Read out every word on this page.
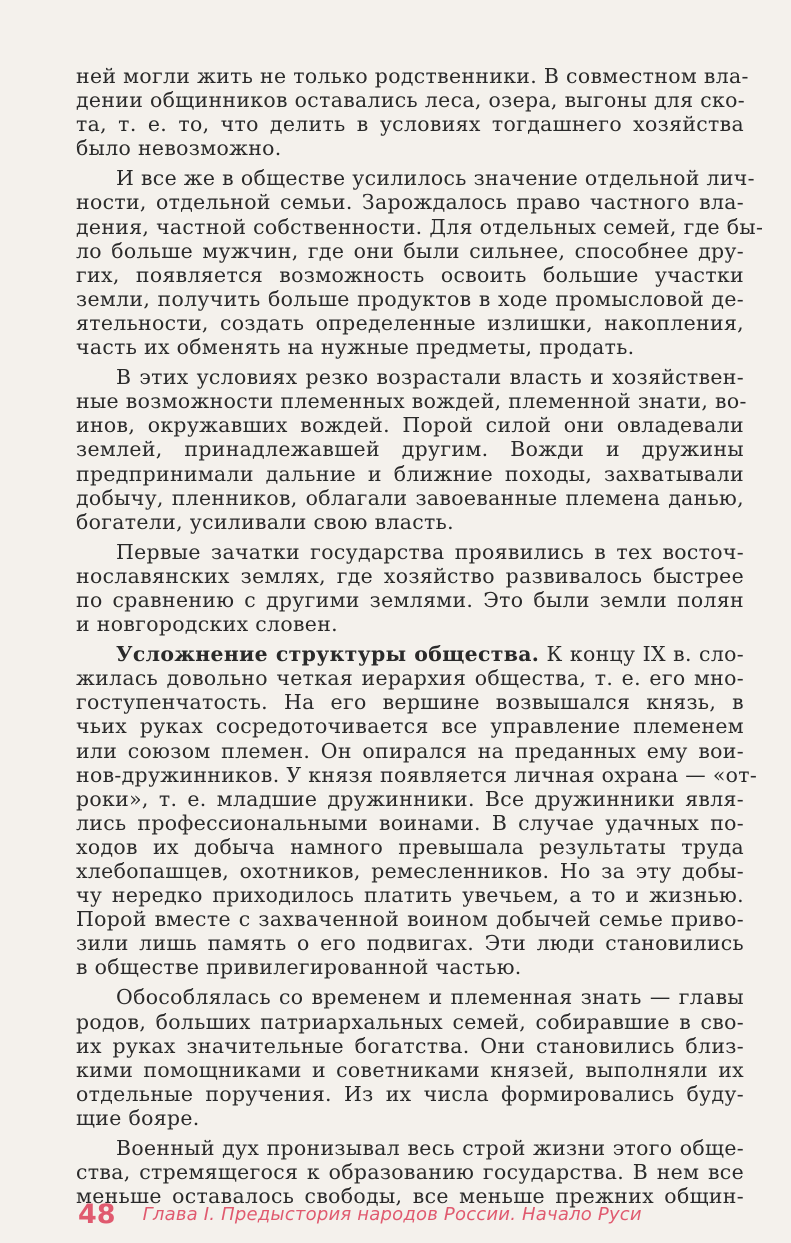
ней могли жить не только родственники. В совместном вла-
дении общинников оставались леса, озера, выгоны для ско-
та, т. е. то, что делить в условиях тогдашнего хозяйства
было невозможно.
И все же в обществе усилилось значение отдельной лич-
ности, отдельной семьи. Зарождалось право частного вла-
дения, частной собственности. Для отдельных семей, где бы-
ло больше мужчин, где они были сильнее, способнее дру-
гих, появляется возможность освоить большие участки
земли, получить больше продуктов в ходе промысловой де-
ятельности, создать определенные излишки, накопления,
часть их обменять на нужные предметы, продать.
В этих условиях резко возрастали власть и хозяйствен-
ные возможности племенных вождей, племенной знати, во-
инов, окружавших вождей. Порой силой они овладевали
землей, принадлежавшей другим. Вожди и дружины
предпринимали дальние и ближние походы, захватывали
добычу, пленников, облагали завоеванные племена данью,
богатели, усиливали свою власть.
Первые зачатки государства проявились в тех восточ-
нославянских землях, где хозяйство развивалось быстрее
по сравнению с другими землями. Это были земли полян
и новгородских словен.
Усложнение структуры общества. К концу IX в. сло-
жилась довольно четкая иерархия общества, т. е. его мно-
гоступенчатость. На его вершине возвышался князь, в
чьих руках сосредоточивается все управление племенем
или союзом племен. Он опирался на преданных ему вои-
нов-дружинников. У князя появляется личная охрана — «от-
роки», т. е. младшие дружинники. Все дружинники явля-
лись профессиональными воинами. В случае удачных по-
ходов их добыча намного превышала результаты труда
хлебопашцев, охотников, ремесленников. Но за эту добы-
чу нередко приходилось платить увечьем, а то и жизнью.
Порой вместе с захваченной воином добычей семье приво-
зили лишь память о его подвигах. Эти люди становились
в обществе привилегированной частью.
Обособлялась со временем и племенная знать — главы
родов, больших патриархальных семей, собиравшие в сво-
их руках значительные богатства. Они становились близ-
кими помощниками и советниками князей, выполняли их
отдельные поручения. Из их числа формировались буду-
щие бояре.
Военный дух пронизывал весь строй жизни этого обще-
ства, стремящегося к образованию государства. В нем все
меньше оставалось свободы, все меньше прежних общин-
48 Глава I. Предыстория народов России. Начало Руси
